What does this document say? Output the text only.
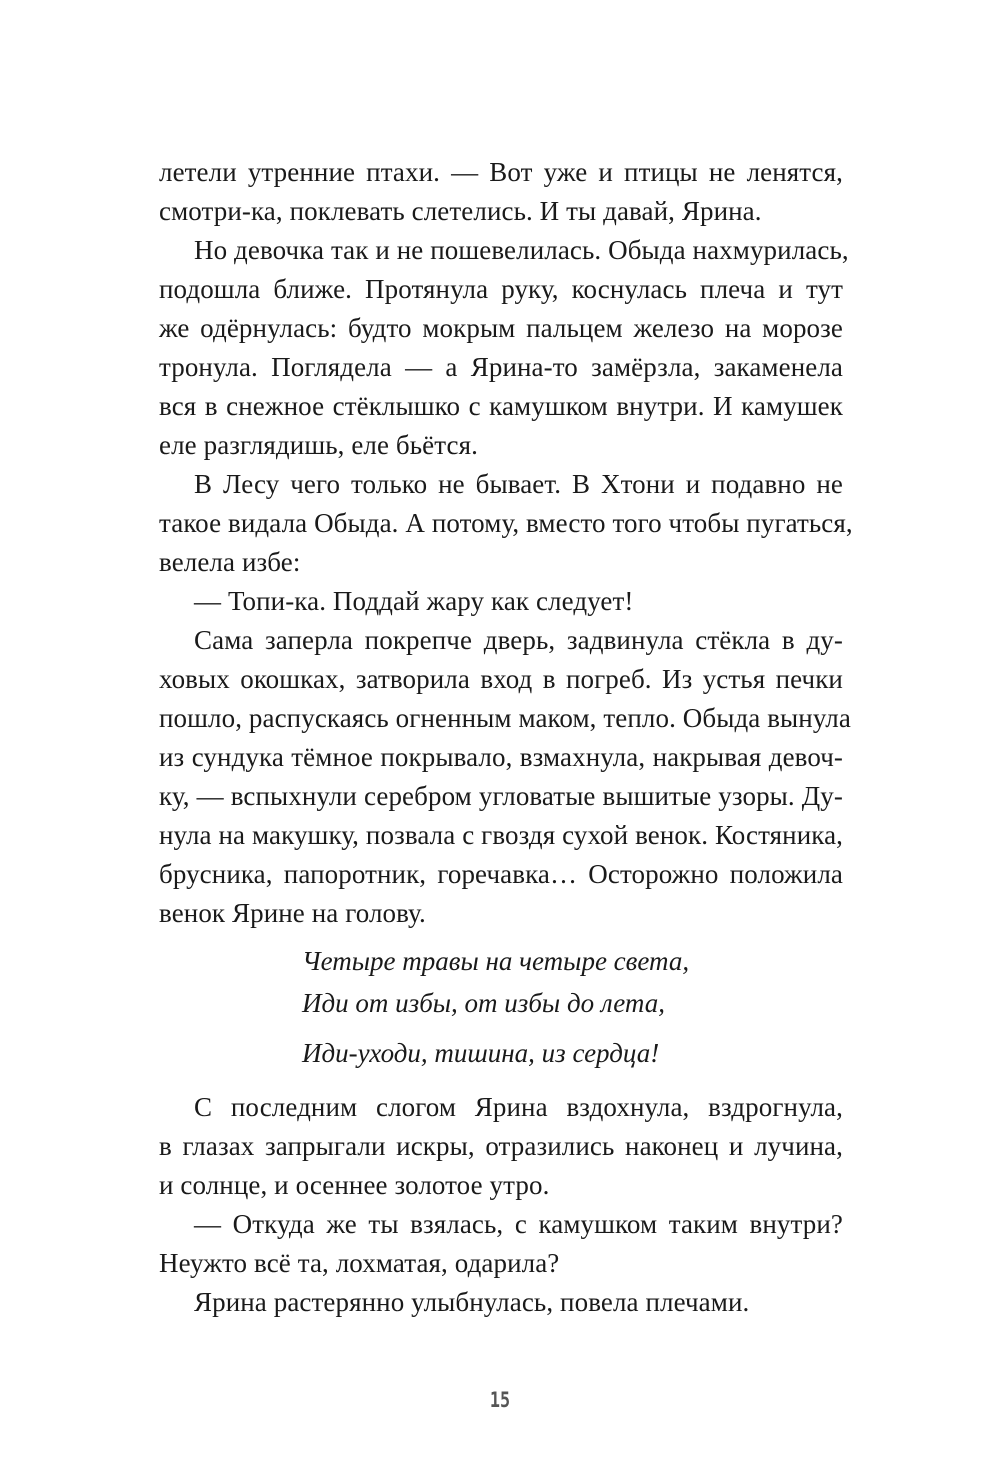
летели утренние птахи. — Вот уже и птицы не ленятся,
смотри-ка, поклевать слетелись. И ты давай, Ярина.
Но девочка так и не пошевелилась. Обыда нахмурилась,
подошла ближе. Протянула руку, коснулась плеча и тут
же одёрнулась: будто мокрым пальцем железо на морозе
тронула. Поглядела — а Ярина-то замёрзла, закаменела
вся в снежное стёклышко с камушком внутри. И камушек
еле разглядишь, еле бьётся.
В Лесу чего только не бывает. В Хтони и подавно не
такое видала Обыда. А потому, вместо того чтобы пугаться,
велела избе:
— Топи-ка. Поддай жару как следует!
Сама заперла покрепче дверь, задвинула стёкла в ду-
ховых окошках, затворила вход в погреб. Из устья печки
пошло, распускаясь огненным маком, тепло. Обыда вынула
из сундука тёмное покрывало, взмахнула, накрывая девоч-
ку, — вспыхнули серебром угловатые вышитые узоры. Ду-
нула на макушку, позвала с гвоздя сухой венок. Костяника,
брусника, папоротник, горечавка… Осторожно положила
венок Ярине на голову.
Четыре травы на четыре света,
Иди от избы, от избы до лета,
Иди-уходи, тишина, из сердца!
С последним слогом Ярина вздохнула, вздрогнула,
в глазах запрыгали искры, отразились наконец и лучина,
и солнце, и осеннее золотое утро.
— Откуда же ты взялась, с камушком таким внутри?
Неужто всё та, лохматая, одарила?
Ярина растерянно улыбнулась, повела плечами.
15
